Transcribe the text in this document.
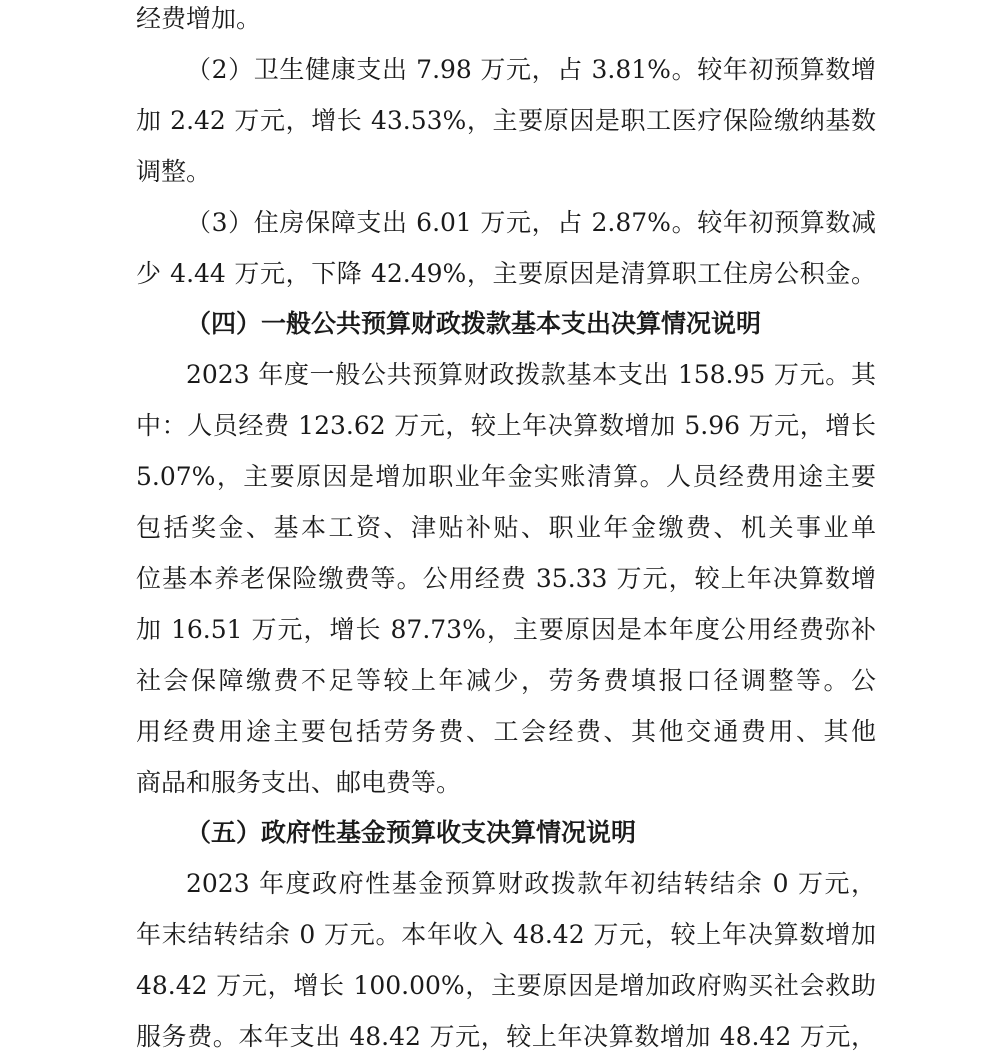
经费增加。
（2）卫生健康支出 7.98 万元，占 3.81%。较年初预算数增
加 2.42 万元，增长 43.53%，主要原因是职工医疗保险缴纳基数
调整。
（3）住房保障支出 6.01 万元，占 2.87%。较年初预算数减
少 4.44 万元，下降 42.49%，主要原因是清算职工住房公积金。
（四）一般公共预算财政拨款基本支出决算情况说明
2023 年度一般公共预算财政拨款基本支出 158.95 万元。其
中：人员经费 123.62 万元，较上年决算数增加 5.96 万元，增长
5.07%，主要原因是增加职业年金实账清算。人员经费用途主要
包括奖金、基本工资、津贴补贴、职业年金缴费、机关事业单
位基本养老保险缴费等。公用经费 35.33 万元，较上年决算数增
加 16.51 万元，增长 87.73%，主要原因是本年度公用经费弥补
社会保障缴费不足等较上年减少，劳务费填报口径调整等。公
用经费用途主要包括劳务费、工会经费、其他交通费用、其他
商品和服务支出、邮电费等。
（五）政府性基金预算收支决算情况说明
2023 年度政府性基金预算财政拨款年初结转结余 0 万元，
年末结转结余 0 万元。本年收入 48.42 万元，较上年决算数增加
48.42 万元，增长 100.00%，主要原因是增加政府购买社会救助
服务费。本年支出 48.42 万元，较上年决算数增加 48.42 万元，
